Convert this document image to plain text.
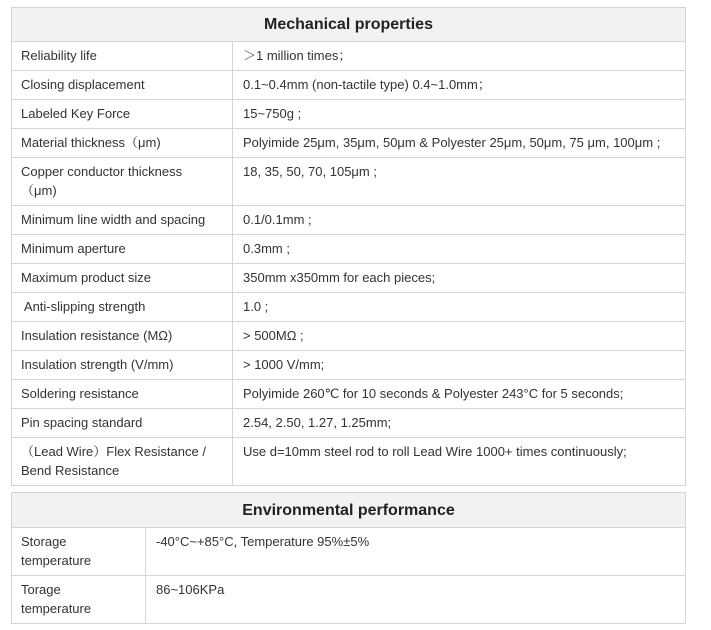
Mechanical properties	
Reliability life	＞1 million times；
Closing displacement	0.1~0.4mm (non-tactile type) 0.4~1.0mm；
Labeled Key Force	15~750g ;
Material thickness（μm)	Polyimide 25μm, 35μm, 50μm & Polyester 25μm, 50μm, 75 μm, 100μm ;
Copper conductor thickness
（μm)	18, 35, 50, 70, 105μm ;
Minimum line width and spacing	0.1/0.1mm ;
Minimum aperture	0.3mm ;
Maximum product size	350mm x350mm for each pieces;
Anti-slipping strength	1.0 ;
Insulation resistance (MΩ)	> 500MΩ ;
Insulation strength (V/mm)	> 1000 V/mm;
Soldering resistance	Polyimide 260℃ for 10 seconds & Polyester 243°C for 5 seconds;
Pin spacing standard	2.54, 2.50, 1.27, 1.25mm;
（Lead Wire）Flex Resistance /
Bend Resistance	Use d=10mm steel rod to roll Lead Wire 1000+ times continuously;
Environmental performance	
Storage
temperature	-40°C~+85°C, Temperature 95%±5%
Torage
temperature	86~106KPa
